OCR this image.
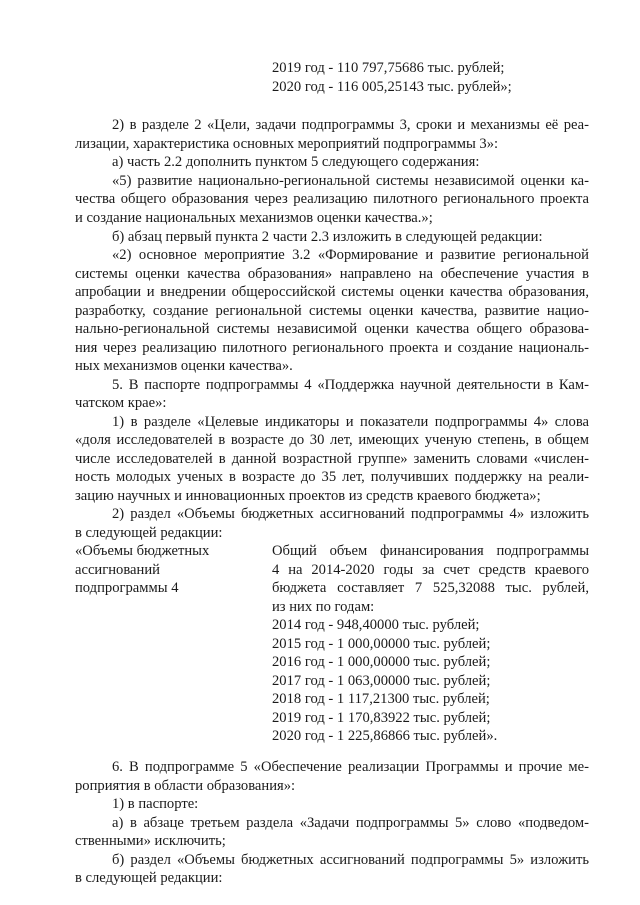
2019 год - 110 797,75686 тыс. рублей;
2020 год - 116 005,25143 тыс. рублей»;
2) в разделе 2 «Цели, задачи подпрограммы 3, сроки и механизмы её реа-
лизации, характеристика основных мероприятий подпрограммы 3»:
а) часть 2.2 дополнить пунктом 5 следующего содержания:
«5) развитие национально-региональной системы независимой оценки ка-
чества общего образования через реализацию пилотного регионального проекта
и создание национальных механизмов оценки качества.»;
б) абзац первый пункта 2 части 2.3 изложить в следующей редакции:
«2) основное мероприятие 3.2 «Формирование и развитие региональной
системы оценки качества образования» направлено на обеспечение участия в
апробации и внедрении общероссийской системы оценки качества образования,
разработку, создание региональной системы оценки качества, развитие нацио-
нально-региональной системы независимой оценки качества общего образова-
ния через реализацию пилотного регионального проекта и создание националь-
ных механизмов оценки качества».
5. В паспорте подпрограммы 4 «Поддержка научной деятельности в Кам-
чатском крае»:
1) в разделе «Целевые индикаторы и показатели подпрограммы 4» слова
«доля исследователей в возрасте до 30 лет, имеющих ученую степень, в общем
числе исследователей в данной возрастной группе» заменить словами «числен-
ность молодых ученых в возрасте до 35 лет, получивших поддержку на реали-
зацию научных и инновационных проектов из средств краевого бюджета»;
2) раздел «Объемы бюджетных ассигнований подпрограммы 4» изложить
в следующей редакции:
«Объемы бюджетных
ассигнований
подпрограммы 4
Общий объем финансирования подпрограммы
4 на 2014-2020 годы за счет средств краевого
бюджета составляет 7 525,32088 тыс. рублей,
из них по годам:
2014 год - 948,40000 тыс. рублей;
2015 год - 1 000,00000 тыс. рублей;
2016 год - 1 000,00000 тыс. рублей;
2017 год - 1 063,00000 тыс. рублей;
2018 год - 1 117,21300 тыс. рублей;
2019 год - 1 170,83922 тыс. рублей;
2020 год - 1 225,86866 тыс. рублей».
6. В подпрограмме 5 «Обеспечение реализации Программы и прочие ме-
роприятия в области образования»:
1) в паспорте:
а) в абзаце третьем раздела «Задачи подпрограммы 5» слово «подведом-
ственными» исключить;
б) раздел «Объемы бюджетных ассигнований подпрограммы 5» изложить
в следующей редакции:
